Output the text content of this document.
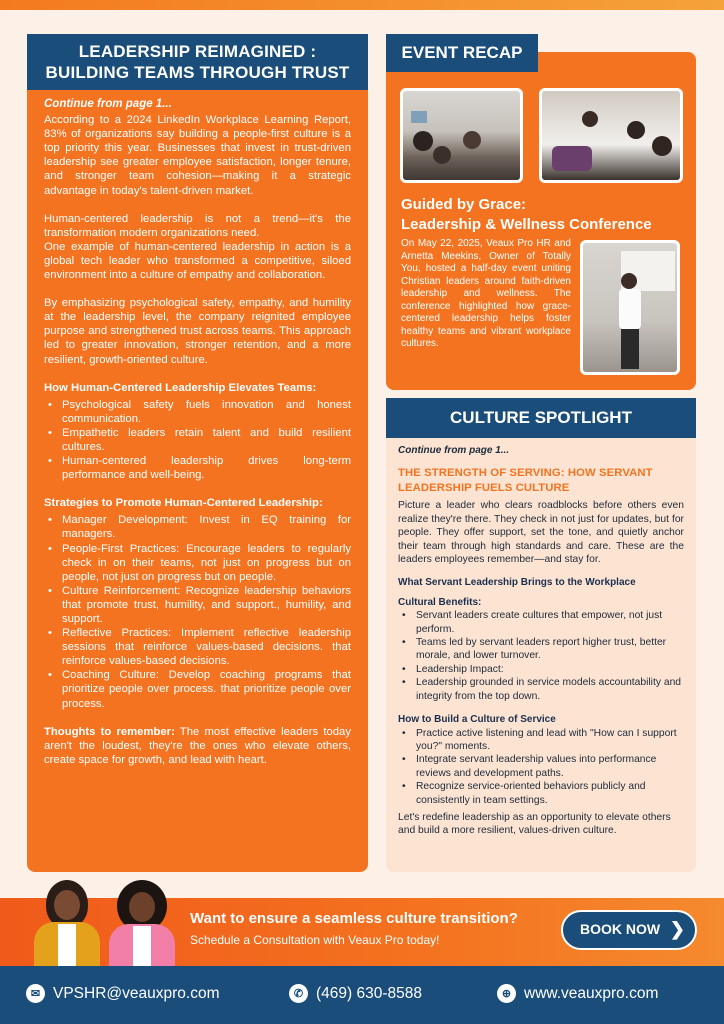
LEADERSHIP REIMAGINED :
BUILDING TEAMS THROUGH TRUST
Continue from page 1...

According to a 2024 LinkedIn Workplace Learning Report, 83% of organizations say building a people-first culture is a top priority this year. Businesses that invest in trust-driven leadership see greater employee satisfaction, longer tenure, and stronger team cohesion—making it a strategic advantage in today's talent-driven market.

Human-centered leadership is not a trend—it's the transformation modern organizations need.

One example of human-centered leadership in action is a global tech leader who transformed a competitive, siloed environment into a culture of empathy and collaboration.

By emphasizing psychological safety, empathy, and humility at the leadership level, the company reignited employee purpose and strengthened trust across teams. This approach led to greater innovation, stronger retention, and a more resilient, growth-oriented culture.

How Human-Centered Leadership Elevates Teams:
• Psychological safety fuels innovation and honest communication.
• Empathetic leaders retain talent and build resilient cultures.
• Human-centered leadership drives long-term performance and well-being.
Strategies to Promote Human-Centered Leadership:
• Manager Development: Invest in EQ training for managers.
• People-First Practices: Encourage leaders to regularly check in on their teams, not just on progress but on people, not just on progress but on people.
• Culture Reinforcement: Recognize leadership behaviors that promote trust, humility, and support., humility, and support.
• Reflective Practices: Implement reflective leadership sessions that reinforce values-based decisions. that reinforce values-based decisions.
• Coaching Culture: Develop coaching programs that prioritize people over process. that prioritize people over process.

Thoughts to remember: The most effective leaders today aren't the loudest, they're the ones who elevate others, create space for growth, and lead with heart.

EVENT RECAP
Guided by Grace:
Leadership & Wellness Conference

On May 22, 2025, Veaux Pro HR and Arnetta Meekins, Owner of Totally You, hosted a half-day event uniting Christian leaders around faith-driven leadership and wellness. The conference highlighted how grace-centered leadership helps foster healthy teams and vibrant workplace cultures.

CULTURE SPOTLIGHT
Continue from page 1...
THE STRENGTH OF SERVING: HOW SERVANT LEADERSHIP FUELS CULTURE

Picture a leader who clears roadblocks before others even realize they're there. They check in not just for updates, but for people. They offer support, set the tone, and quietly anchor their team through high standards and care. These are the leaders employees remember—and stay for.

What Servant Leadership Brings to the Workplace
Cultural Benefits:
• Servant leaders create cultures that empower, not just perform.
• Teams led by servant leaders report higher trust, better morale, and lower turnover.
• Leadership Impact:
• Leadership grounded in service models accountability and integrity from the top down.
How to Build a Culture of Service
• Practice active listening and lead with "How can I support you?" moments.
• Integrate servant leadership values into performance reviews and development paths.
• Recognize service-oriented behaviors publicly and consistently in team settings.

Let's redefine leadership as an opportunity to elevate others and build a more resilient, values-driven culture.

Want to ensure a seamless culture transition?
Schedule a Consultation with Veaux Pro today!
BOOK NOW ❯
✉ VPSHR@veauxpro.com	✆ (469) 630-8588	⊕ www.veauxpro.com
